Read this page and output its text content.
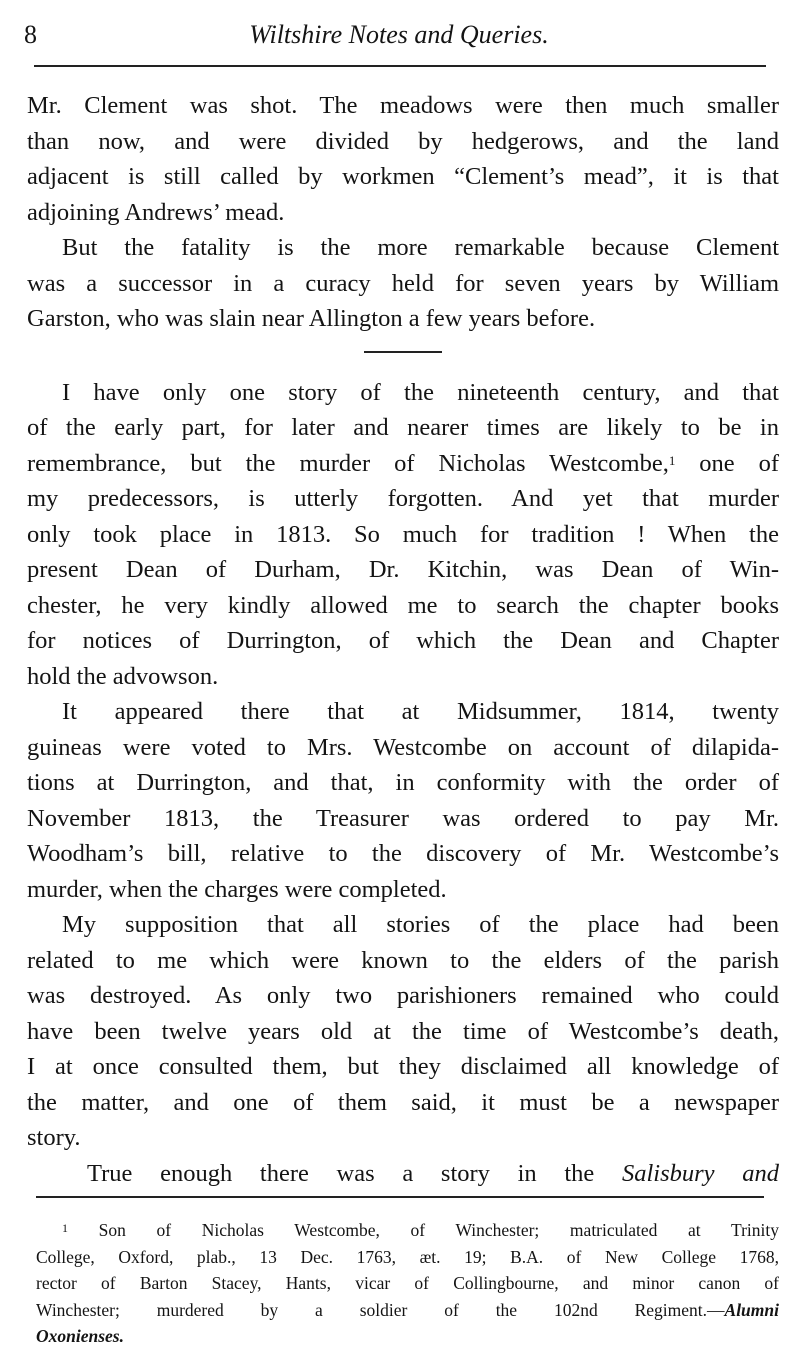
8	Wiltshire Notes and Queries.
Mr. Clement was shot. The meadows were then much smaller
than now, and were divided by hedgerows, and the land
adjacent is still called by workmen “Clement’s mead”, it is that
adjoining Andrews’ mead.
But the fatality is the more remarkable because Clement
was a successor in a curacy held for seven years by William
Garston, who was slain near Allington a few years before.
I have only one story of the nineteenth century, and that
of the early part, for later and nearer times are likely to be in
remembrance, but the murder of Nicholas Westcombe,$^1$ one of
my predecessors, is utterly forgotten. And yet that murder
only took place in 1813. So much for tradition ! When the
present Dean of Durham, Dr. Kitchin, was Dean of Win-
chester, he very kindly allowed me to search the chapter books
for notices of Durrington, of which the Dean and Chapter
hold the advowson.
It appeared there that at Midsummer, 1814, twenty
guineas were voted to Mrs. Westcombe on account of dilapida-
tions at Durrington, and that, in conformity with the order of
November 1813, the Treasurer was ordered to pay Mr.
Woodham’s bill, relative to the discovery of Mr. Westcombe’s
murder, when the charges were completed.
My supposition that all stories of the place had been
related to me which were known to the elders of the parish
was destroyed. As only two parishioners remained who could
have been twelve years old at the time of Westcombe’s death,
I at once consulted them, but they disclaimed all knowledge of
the matter, and one of them said, it must be a newspaper
story.
True enough there was a story in the Salisbury and
$^1$ Son of Nicholas Westcombe, of Winchester; matriculated at Trinity
College, Oxford, plab., 13 Dec. 1763, æt. 19; B.A. of New College 1768,
rector of Barton Stacey, Hants, vicar of Collingbourne, and minor canon of
Winchester; murdered by a soldier of the 102nd Regiment.—Alumni
Oxonienses.
